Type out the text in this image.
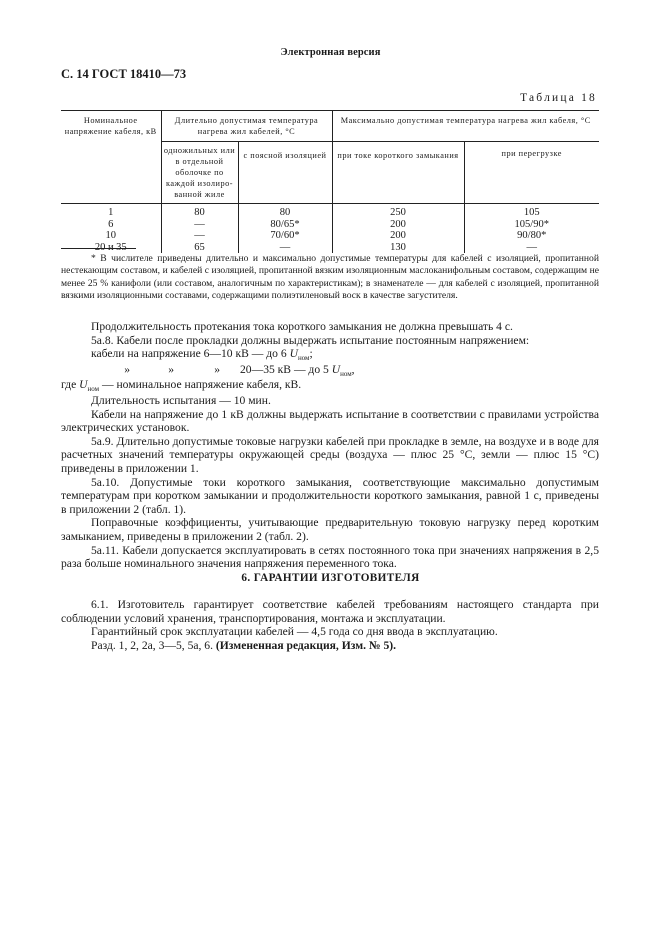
Электронная версия
С. 14 ГОСТ 18410—73
Таблица 18
Номинальное напряжение кабеля, кВ	Длительно допустимая температура нагрева жил кабелей, °С		Максимально допустимая температура нагрева жил кабеля, °С	
	одножильных или в отдельной оболочке по каждой изолиро-ванной жиле	с поясной изоляцией	при токе короткого замыкания	при перегрузке
1	80	80	250	105
6	—	80/65*	200	105/90*
10	—	70/60*	200	90/80*
20 и 35	65	—	130	—

* В числителе приведены длительно и максимально допустимые температуры для кабелей с изоляцией, пропитанной нестекающим составом, и кабелей с изоляцией, пропитанной вязким изоляционным маслоканифольным составом, содержащим не менее 25 % канифоли (или составом, аналогичным по характеристикам); в знаменателе — для кабелей с изоляцией, пропитанной вязкими изоляционными составами, содержащими полиэтиленовый воск в качестве загустителя.

Продолжительность протекания тока короткого замыкания не должна превышать 4 с.

5а.8. Кабели после прокладки должны выдержать испытание постоянным напряжением:

кабели на напряжение 6—10 кВ — до 6 $U_{ном}$;

»	»	» 20—35 кВ — до 5 $U_{ном}$,

где $U_{ном}$ — номинальное напряжение кабеля, кВ.

Длительность испытания — 10 мин.

Кабели на напряжение до 1 кВ должны выдержать испытание в соответствии с правилами устройства электрических установок.

5а.9. Длительно допустимые токовые нагрузки кабелей при прокладке в земле, на воздухе и в воде для расчетных значений температуры окружающей среды (воздуха — плюс 25 °С, земли — плюс 15 °С) приведены в приложении 1.

5а.10. Допустимые токи короткого замыкания, соответствующие максимально допустимым температурам при коротком замыкании и продолжительности короткого замыкания, равной 1 с, приведены в приложении 2 (табл. 1).

Поправочные коэффициенты, учитывающие предварительную токовую нагрузку перед коротким замыканием, приведены в приложении 2 (табл. 2).

5а.11. Кабели допускается эксплуатировать в сетях постоянного тока при значениях напряжения в 2,5 раза больше номинального значения напряжения переменного тока.

6. ГАРАНТИИ ИЗГОТОВИТЕЛЯ

6.1. Изготовитель гарантирует соответствие кабелей требованиям настоящего стандарта при соблюдении условий хранения, транспортирования, монтажа и эксплуатации.

Гарантийный срок эксплуатации кабелей — 4,5 года со дня ввода в эксплуатацию.

Разд. 1, 2, 2а, 3—5, 5а, 6. (Измененная редакция, Изм. № 5).
